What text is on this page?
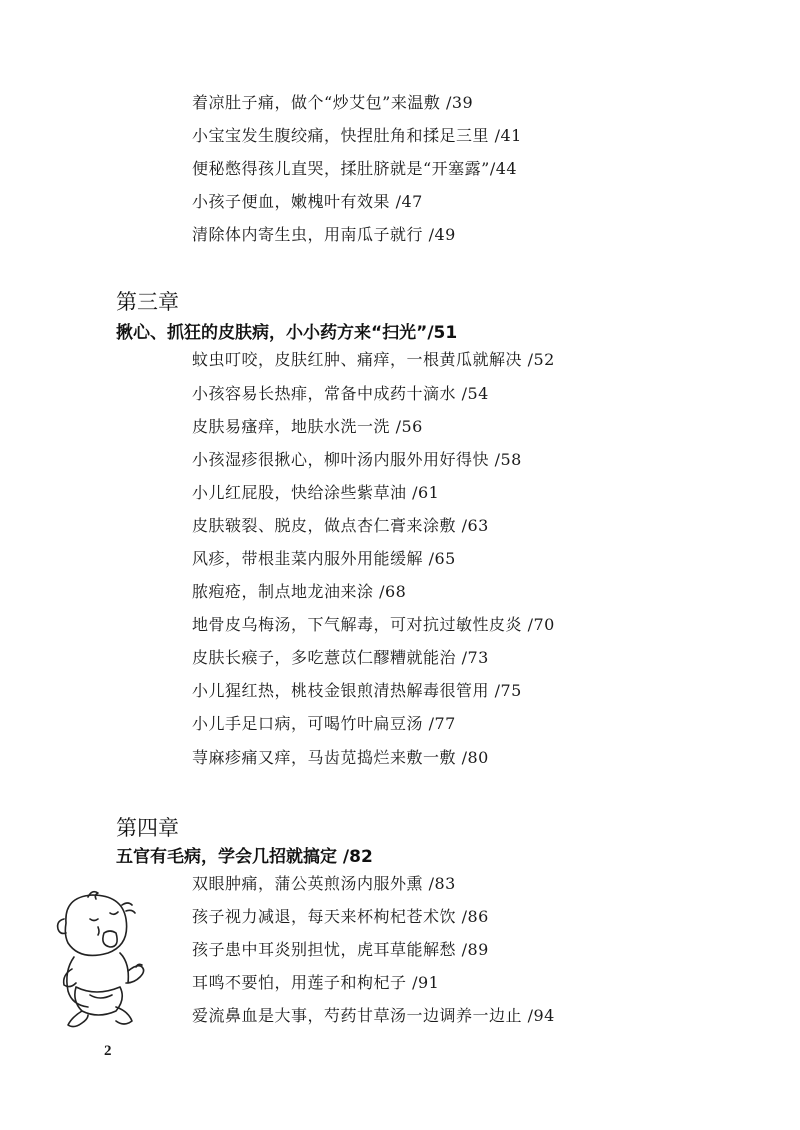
着凉肚子痛，做个“炒艾包”来温敷 /39
小宝宝发生腹绞痛，快捏肚角和揉足三里 /41
便秘憋得孩儿直哭，揉肚脐就是“开塞露”/44
小孩子便血，嫩槐叶有效果 /47
清除体内寄生虫，用南瓜子就行 /49
第三章
揪心、抓狂的皮肤病，小小药方来“扫光”/51
蚊虫叮咬，皮肤红肿、痛痒，一根黄瓜就解决 /52
小孩容易长热痱，常备中成药十滴水 /54
皮肤易瘙痒，地肤水洗一洗 /56
小孩湿疹很揪心，柳叶汤内服外用好得快 /58
小儿红屁股，快给涂些紫草油 /61
皮肤皲裂、脱皮，做点杏仁膏来涂敷 /63
风疹，带根韭菜内服外用能缓解 /65
脓疱疮，制点地龙油来涂 /68
地骨皮乌梅汤，下气解毒，可对抗过敏性皮炎 /70
皮肤长瘊子，多吃薏苡仁醪糟就能治 /73
小儿猩红热，桃枝金银煎清热解毒很管用 /75
小儿手足口病，可喝竹叶扁豆汤 /77
荨麻疹痛又痒，马齿苋捣烂来敷一敷 /80
第四章
五官有毛病，学会几招就搞定 /82
双眼肿痛，蒲公英煎汤内服外熏 /83
孩子视力减退，每天来杯枸杞苍术饮 /86
孩子患中耳炎别担忧，虎耳草能解愁 /89
耳鸣不要怕，用莲子和枸杞子 /91
爱流鼻血是大事，芍药甘草汤一边调养一边止 /94
2
